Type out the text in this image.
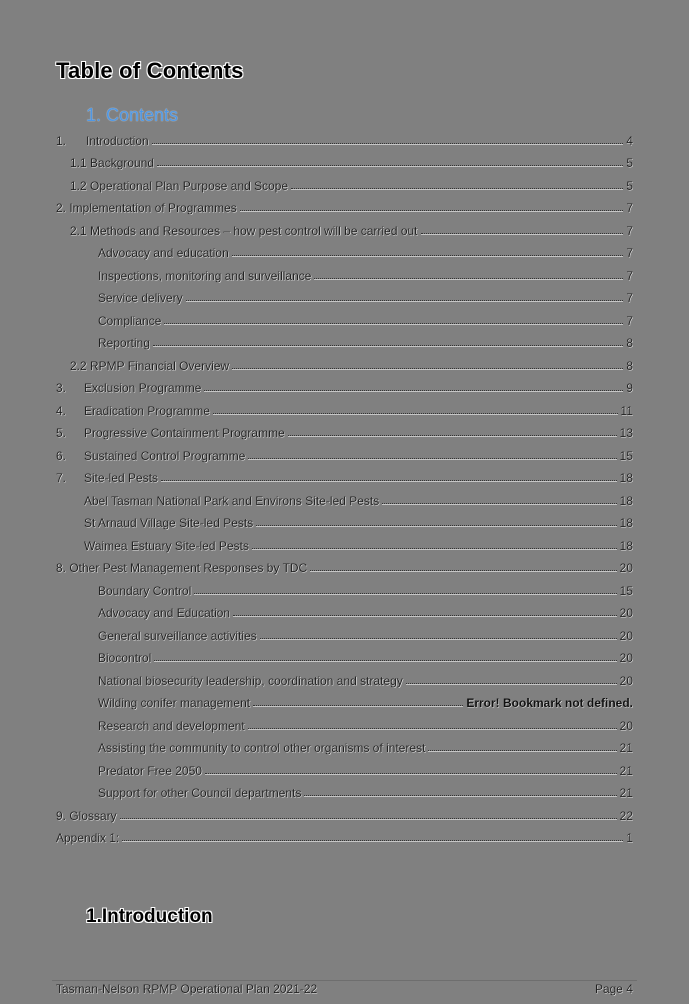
Table of Contents
1. Contents
1.	Introduction	4
1.1 Background	5
1.2 Operational Plan Purpose and Scope	5
2. Implementation of Programmes	7
2.1 Methods and Resources – how pest control will be carried out	7
Advocacy and education	7
Inspections, monitoring and surveillance	7
Service delivery	7
Compliance	7
Reporting	8
2.2 RPMP Financial Overview	8
3.	Exclusion Programme	9
4.	Eradication Programme	11
5.	Progressive Containment Programme	13
6.	Sustained Control Programme	15
7.	Site-led Pests	18
Abel Tasman National Park and Environs Site-led Pests	18
St Arnaud Village Site-led Pests	18
Waimea Estuary Site-led Pests	18
8. Other Pest Management Responses by TDC	20
Boundary Control	15
Advocacy and Education	20
General surveillance activities	20
Biocontrol	20
National biosecurity leadership, coordination and strategy	20
Wilding conifer management	Error! Bookmark not defined.
Research and development	20
Assisting the community to control other organisms of interest	21
Predator Free 2050	21
Support for other Council departments	21
9. Glossary	22
Appendix 1:	1
1.Introduction
Tasman-Nelson RPMP Operational Plan 2021-22	Page 4
